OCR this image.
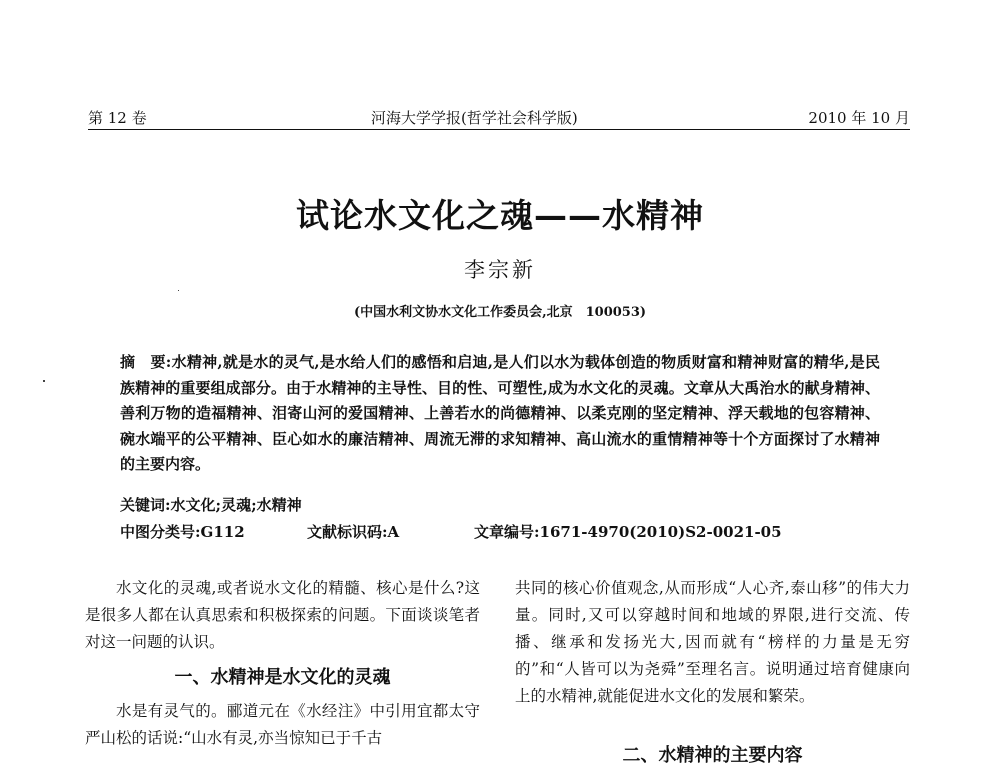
第 12 卷	河海大学学报(哲学社会科学版)	2010 年 10 月
试论水文化之魂——水精神
李宗新
(中国水利文协水文化工作委员会,北京　100053)
摘　要:水精神,就是水的灵气,是水给人们的感悟和启迪,是人们以水为载体创造的物质财富和精神财富的精华,是民族精神的重要组成部分。由于水精神的主导性、目的性、可塑性,成为水文化的灵魂。文章从大禹治水的献身精神、善利万物的造福精神、泪寄山河的爱国精神、上善若水的尚德精神、以柔克刚的坚定精神、浮天载地的包容精神、碗水端平的公平精神、臣心如水的廉洁精神、周流无滞的求知精神、高山流水的重情精神等十个方面探讨了水精神的主要内容。
关键词:水文化;灵魂;水精神
中图分类号:G112	文献标识码:A	文章编号:1671-4970(2010)S2-0021-05

水文化的灵魂,或者说水文化的精髓、核心是什么?这是很多人都在认真思索和积极探索的问题。下面谈谈笔者对这一问题的认识。

一、水精神是水文化的灵魂

水是有灵气的。郦道元在《水经注》中引用宜都太守严山松的话说:“山水有灵,亦当惊知已于千古

共同的核心价值观念,从而形成“人心齐,泰山移”的伟大力量。同时,又可以穿越时间和地域的界限,进行交流、传播、继承和发扬光大,因而就有“榜样的力量是无穷的”和“人皆可以为尧舜”至理名言。说明通过培育健康向上的水精神,就能促进水文化的发展和繁荣。

二、水精神的主要内容
